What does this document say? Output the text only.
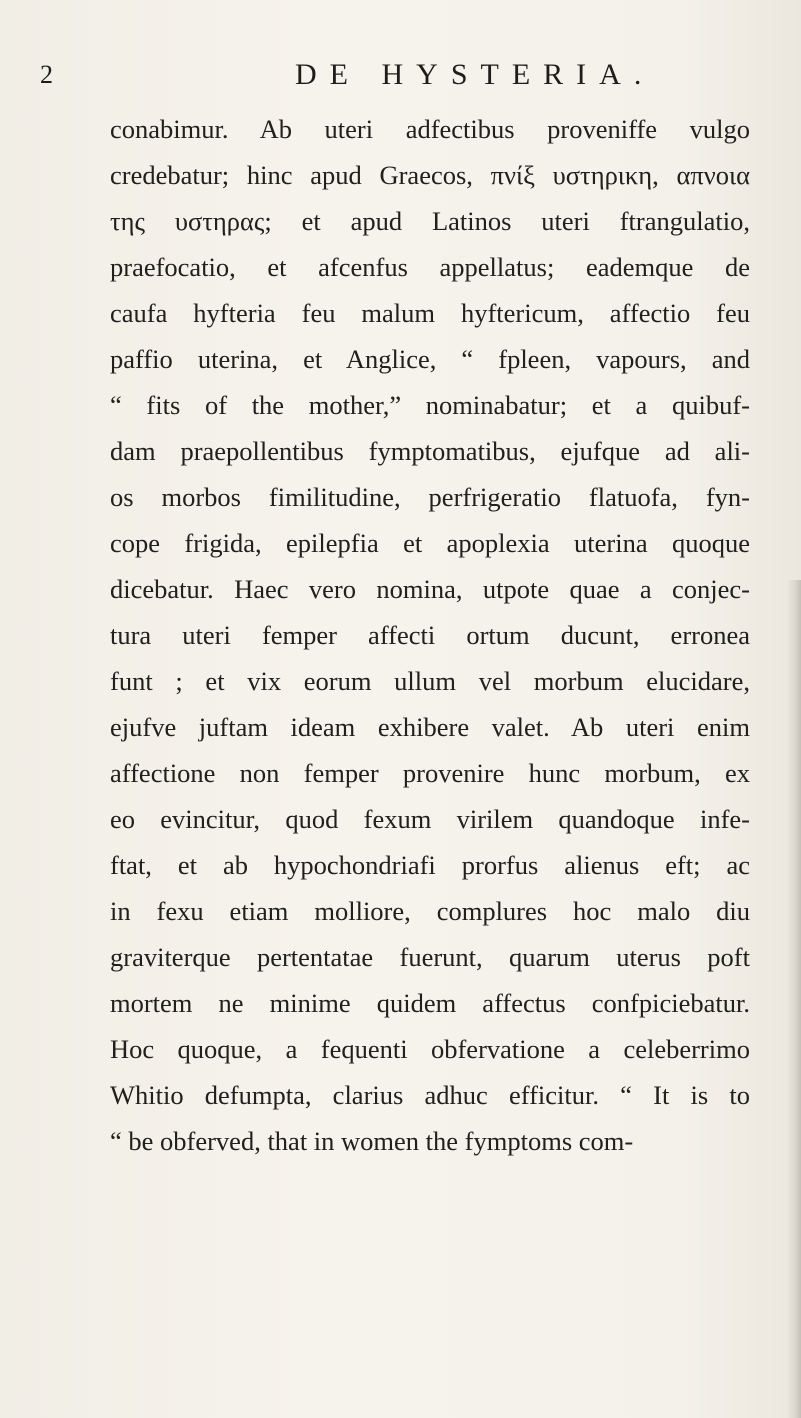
2	DE HYSTERIA.
conabimur. Ab uteri adfectibus proveniffe vulgo
credebatur; hinc apud Graecos, πνίξ υστηρικη, απνοια
της υστηρας; et apud Latinos uteri ftrangulatio,
praefocatio, et afcenfus appellatus; eademque de
caufa hyfteria feu malum hyftericum, affectio feu
paffio uterina, et Anglice, “ fpleen, vapours, and
“ fits of the mother,” nominabatur; et a quibuf-
dam praepollentibus fymptomatibus, ejufque ad ali-
os morbos fimilitudine, perfrigeratio flatuofa, fyn-
cope frigida, epilepfia et apoplexia uterina quoque
dicebatur. Haec vero nomina, utpote quae a conjec-
tura uteri femper affecti ortum ducunt, erronea
funt ; et vix eorum ullum vel morbum elucidare,
ejufve juftam ideam exhibere valet. Ab uteri enim
affectione non femper provenire hunc morbum, ex
eo evincitur, quod fexum virilem quandoque infe-
ftat, et ab hypochondriafi prorfus alienus eft; ac
in fexu etiam molliore, complures hoc malo diu
graviterque pertentatae fuerunt, quarum uterus poft
mortem ne minime quidem affectus confpiciebatur.
Hoc quoque, a fequenti obfervatione a celeberrimo
Whitio defumpta, clarius adhuc efficitur. “ It is to
“ be obferved, that in women the fymptoms com-
